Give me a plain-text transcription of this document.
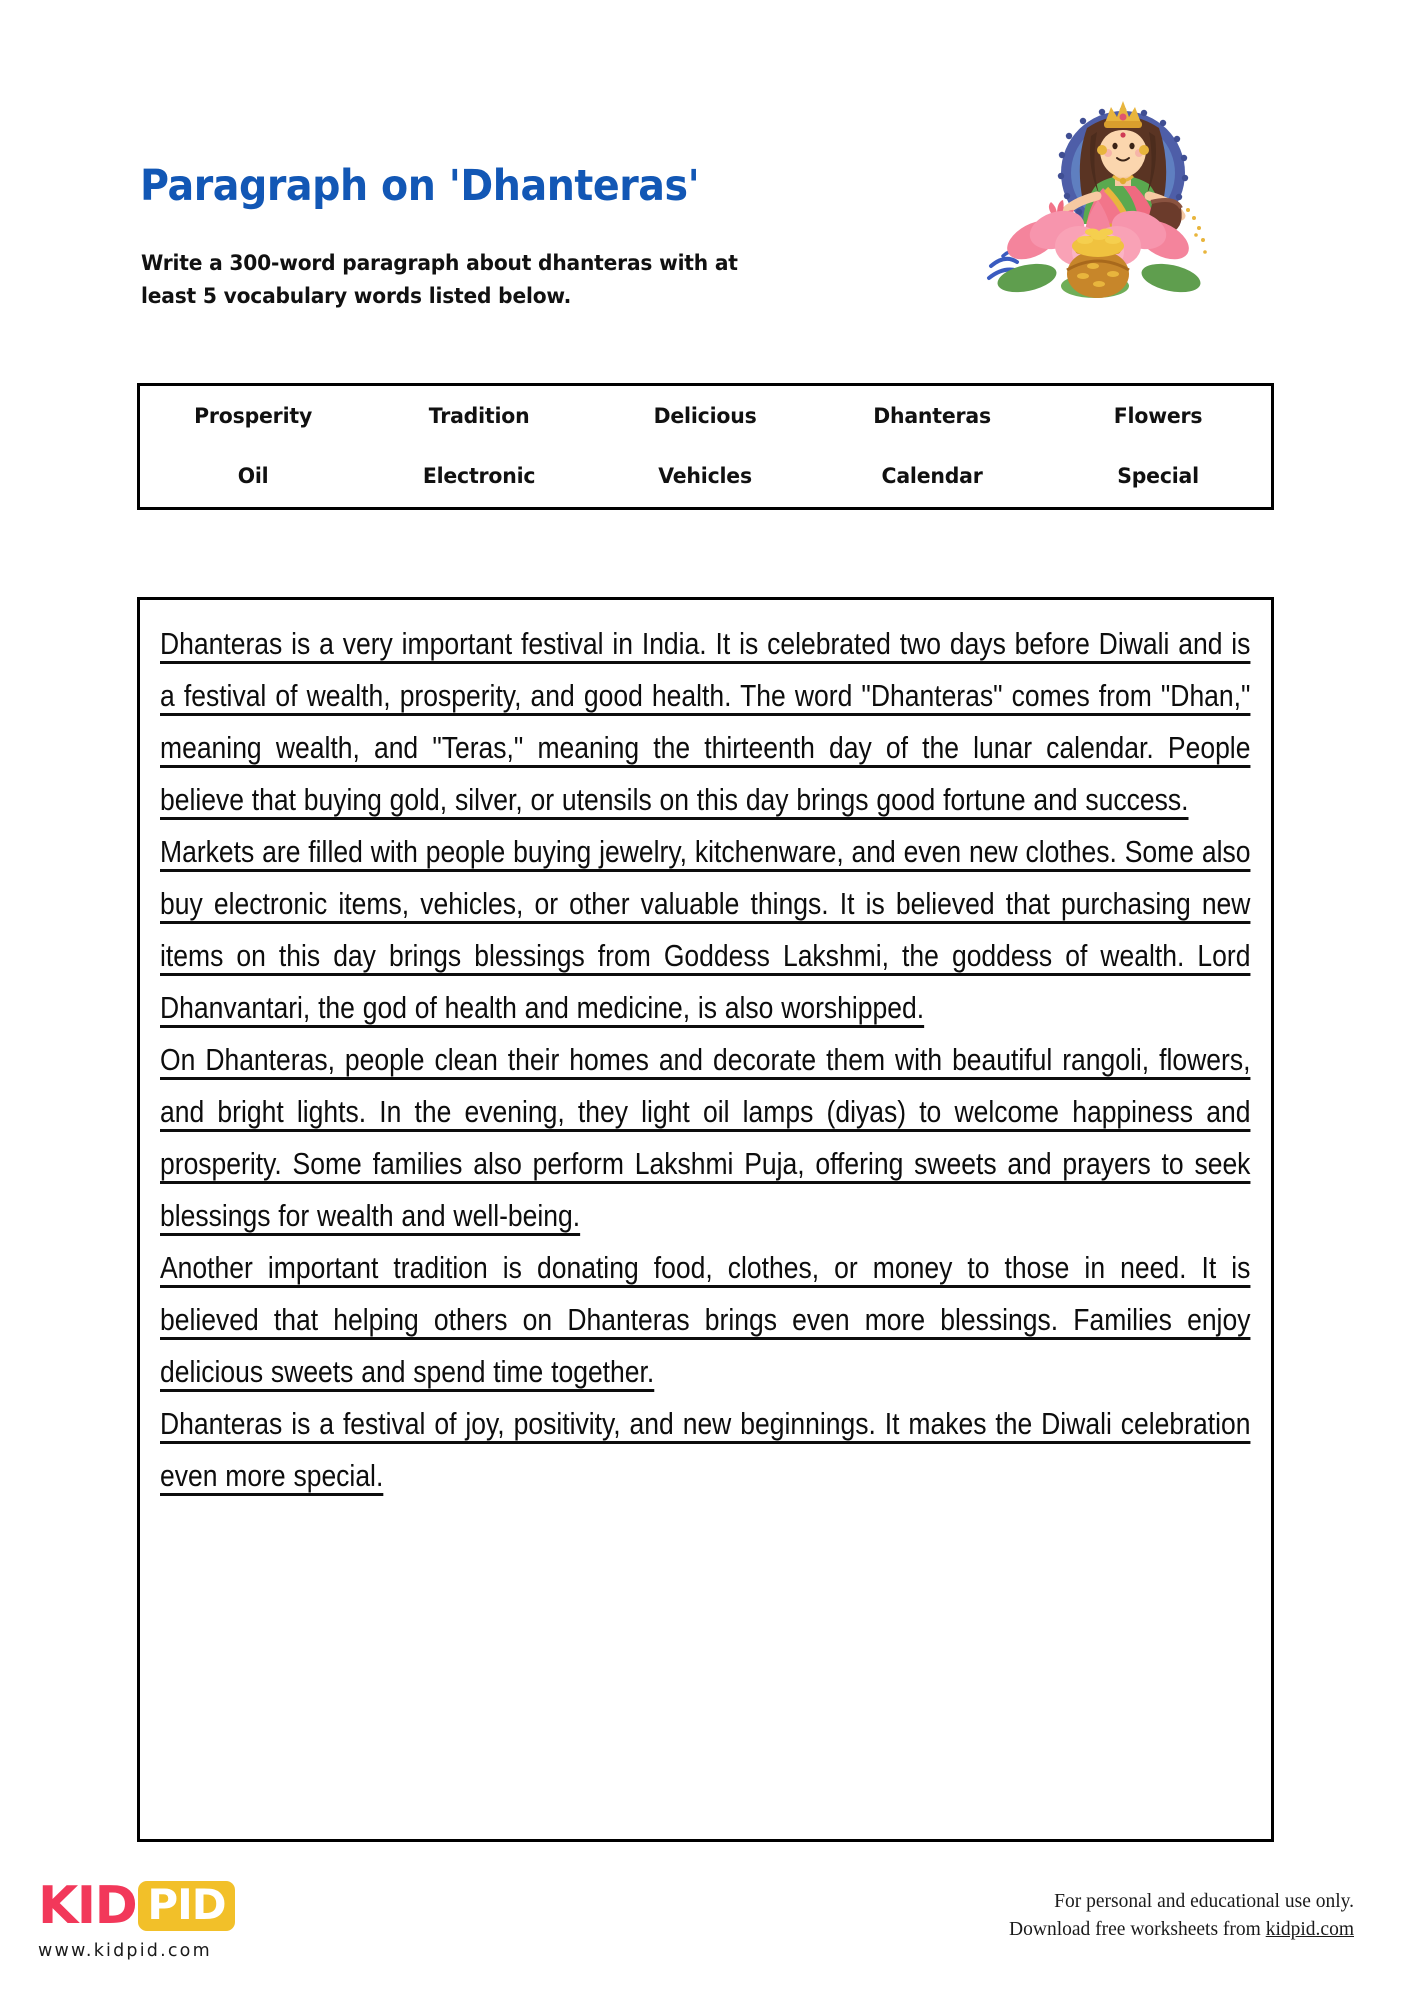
Paragraph on 'Dhanteras'
Write a 300-word paragraph about dhanteras with at least 5 vocabulary words listed below.
Prosperity	Tradition	Delicious	Dhanteras	Flowers
Oil	Electronic	Vehicles	Calendar	Special

Dhanteras is a very important festival in India. It is celebrated two days before Diwali and is a festival of wealth, prosperity, and good health. The word "Dhanteras" comes from "Dhan," meaning wealth, and "Teras," meaning the thirteenth day of the lunar calendar. People believe that buying gold, silver, or utensils on this day brings good fortune and success.

Markets are filled with people buying jewelry, kitchenware, and even new clothes. Some also buy electronic items, vehicles, or other valuable things. It is believed that purchasing new items on this day brings blessings from Goddess Lakshmi, the goddess of wealth. Lord Dhanvantari, the god of health and medicine, is also worshipped.

On Dhanteras, people clean their homes and decorate them with beautiful rangoli, flowers, and bright lights. In the evening, they light oil lamps (diyas) to welcome happiness and prosperity. Some families also perform Lakshmi Puja, offering sweets and prayers to seek blessings for wealth and well-being.

Another important tradition is donating food, clothes, or money to those in need. It is believed that helping others on Dhanteras brings even more blessings. Families enjoy delicious sweets and spend time together.

Dhanteras is a festival of joy, positivity, and new beginnings. It makes the Diwali celebration even more special.

KID PID
www.kidpid.com
For personal and educational use only.
Download free worksheets from kidpid.com
